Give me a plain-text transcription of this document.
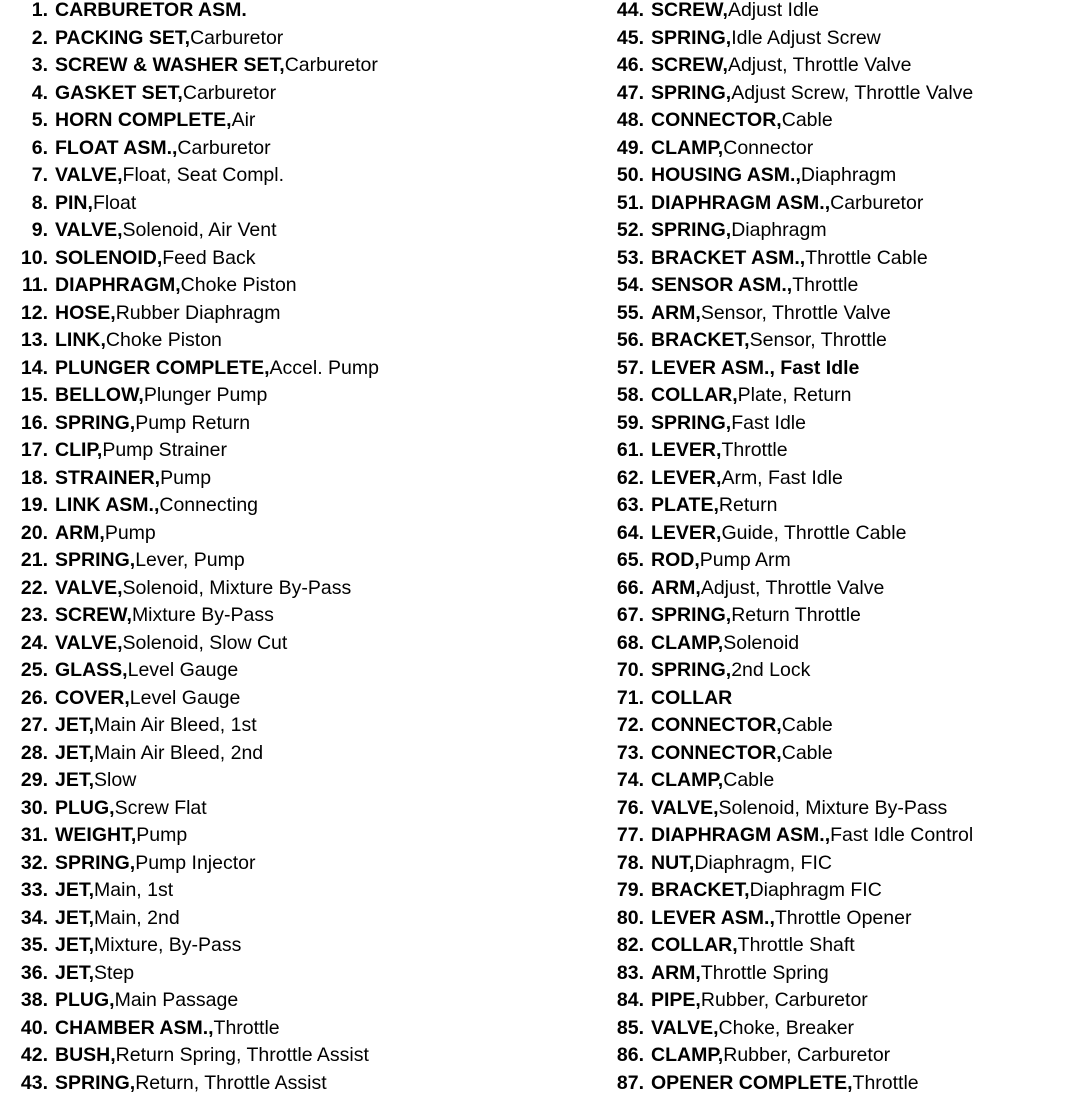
1. CARBURETOR ASM.
2. PACKING SET, Carburetor
3. SCREW & WASHER SET, Carburetor
4. GASKET SET, Carburetor
5. HORN COMPLETE, Air
6. FLOAT ASM., Carburetor
7. VALVE, Float, Seat Compl.
8. PIN, Float
9. VALVE, Solenoid, Air Vent
10. SOLENOID, Feed Back
11. DIAPHRAGM, Choke Piston
12. HOSE, Rubber Diaphragm
13. LINK, Choke Piston
14. PLUNGER COMPLETE, Accel. Pump
15. BELLOW, Plunger Pump
16. SPRING, Pump Return
17. CLIP, Pump Strainer
18. STRAINER, Pump
19. LINK ASM., Connecting
20. ARM, Pump
21. SPRING, Lever, Pump
22. VALVE, Solenoid, Mixture By-Pass
23. SCREW, Mixture By-Pass
24. VALVE, Solenoid, Slow Cut
25. GLASS, Level Gauge
26. COVER, Level Gauge
27. JET, Main Air Bleed, 1st
28. JET, Main Air Bleed, 2nd
29. JET, Slow
30. PLUG, Screw Flat
31. WEIGHT, Pump
32. SPRING, Pump Injector
33. JET, Main, 1st
34. JET, Main, 2nd
35. JET, Mixture, By-Pass
36. JET, Step
38. PLUG, Main Passage
40. CHAMBER ASM., Throttle
42. BUSH, Return Spring, Throttle Assist
43. SPRING, Return, Throttle Assist
44. SCREW, Adjust Idle
45. SPRING, Idle Adjust Screw
46. SCREW, Adjust, Throttle Valve
47. SPRING, Adjust Screw, Throttle Valve
48. CONNECTOR, Cable
49. CLAMP, Connector
50. HOUSING ASM., Diaphragm
51. DIAPHRAGM ASM., Carburetor
52. SPRING, Diaphragm
53. BRACKET ASM., Throttle Cable
54. SENSOR ASM., Throttle
55. ARM, Sensor, Throttle Valve
56. BRACKET, Sensor, Throttle
57. LEVER ASM., Fast Idle
58. COLLAR, Plate, Return
59. SPRING, Fast Idle
61. LEVER, Throttle
62. LEVER, Arm, Fast Idle
63. PLATE, Return
64. LEVER, Guide, Throttle Cable
65. ROD, Pump Arm
66. ARM, Adjust, Throttle Valve
67. SPRING, Return Throttle
68. CLAMP, Solenoid
70. SPRING, 2nd Lock
71. COLLAR
72. CONNECTOR, Cable
73. CONNECTOR, Cable
74. CLAMP, Cable
76. VALVE, Solenoid, Mixture By-Pass
77. DIAPHRAGM ASM., Fast Idle Control
78. NUT, Diaphragm, FIC
79. BRACKET, Diaphragm FIC
80. LEVER ASM., Throttle Opener
82. COLLAR, Throttle Shaft
83. ARM, Throttle Spring
84. PIPE, Rubber, Carburetor
85. VALVE, Choke, Breaker
86. CLAMP, Rubber, Carburetor
87. OPENER COMPLETE, Throttle
